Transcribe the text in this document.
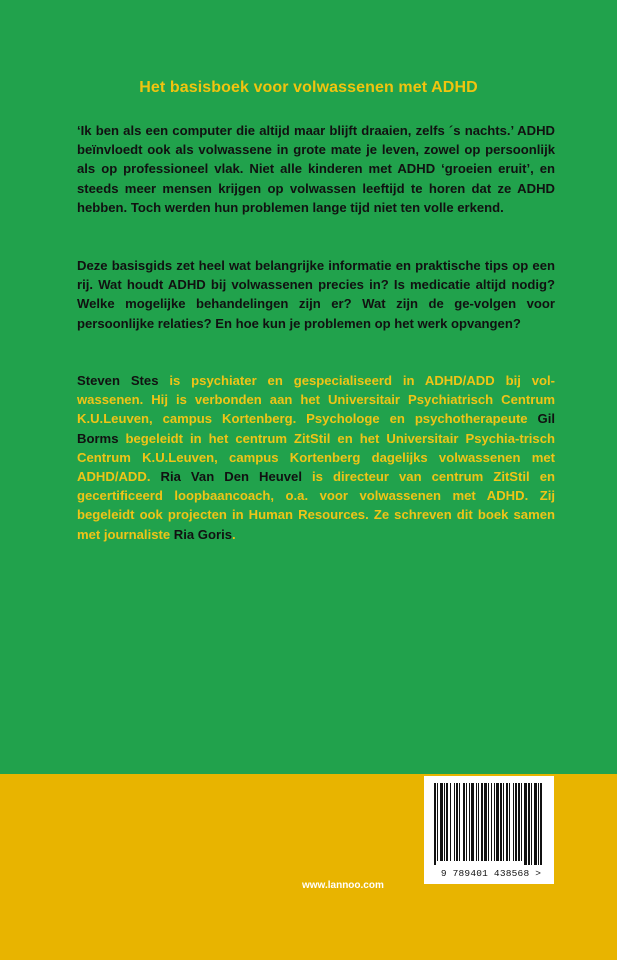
Het basisboek voor volwassenen met ADHD

‘Ik ben als een computer die altijd maar blijft draaien, zelfs ´s nachts.’ ADHD beïnvloedt ook als volwassene in grote mate je leven, zowel op persoonlijk als op professioneel vlak. Niet alle kinderen met ADHD ‘groeien eruit’, en steeds meer mensen krijgen op volwassen leeftijd te horen dat ze ADHD hebben. Toch werden hun problemen lange tijd niet ten volle erkend.

Deze basisgids zet heel wat belangrijke informatie en praktische tips op een rij. Wat houdt ADHD bij volwassenen precies in? Is medicatie altijd nodig? Welke mogelijke behandelingen zijn er? Wat zijn de ge-volgen voor persoonlijke relaties? En hoe kun je problemen op het werk opvangen?

Steven Stes is psychiater en gespecialiseerd in ADHD/ADD bij vol-wassenen. Hij is verbonden aan het Universitair Psychiatrisch Centrum K.U.Leuven, campus Kortenberg. Psychologe en psychotherapeute Gil Borms begeleidt in het centrum ZitStil en het Universitair Psychia-trisch Centrum K.U.Leuven, campus Kortenberg dagelijks volwassenen met ADHD/ADD. Ria Van Den Heuvel is directeur van centrum ZitStil en gecertificeerd loopbaancoach, o.a. voor volwassenen met ADHD. Zij begeleidt ook projecten in Human Resources. Ze schreven dit boek samen met journaliste Ria Goris.

www.lannoo.com
9 789401 438568 >
